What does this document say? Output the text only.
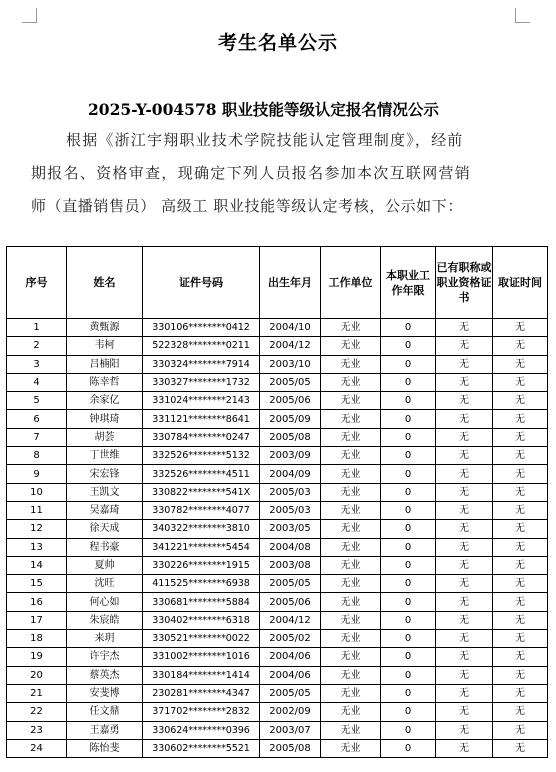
考生名单公示
2025-Y-004578 职业技能等级认定报名情况公示
根据《浙江宇翔职业技术学院技能认定管理制度》，经前
期报名、资格审查，现确定下列人员报名参加本次互联网营销
师（直播销售员） 高级工 职业技能等级认定考核，公示如下：
序号	姓名	证件号码	出生年月	工作单位	本职业工作年限	已有职称或职业资格证书	取证时间
1	黄甄源	330106********0412	2004/10	无业	0	无	无
2	韦柯	522328********0211	2004/12	无业	0	无	无
3	吕楠阳	330324********7914	2003/10	无业	0	无	无
4	陈幸哲	330327********1732	2005/05	无业	0	无	无
5	余家亿	331024********2143	2005/06	无业	0	无	无
6	钟琪琦	331121********8641	2005/09	无业	0	无	无
7	胡荟	330784********0247	2005/08	无业	0	无	无
8	丁世维	332526********5132	2003/09	无业	0	无	无
9	宋宏锋	332526********4511	2004/09	无业	0	无	无
10	王凯文	330822********541X	2005/03	无业	0	无	无
11	吴嘉琦	330782********4077	2005/03	无业	0	无	无
12	徐天成	340322********3810	2003/05	无业	0	无	无
13	程书豪	341221********5454	2004/08	无业	0	无	无
14	夏帅	330226********1915	2003/08	无业	0	无	无
15	沈旺	411525********6938	2005/05	无业	0	无	无
16	何心如	330681********5884	2005/06	无业	0	无	无
17	朱宸皓	330402********6318	2004/12	无业	0	无	无
18	来玥	330521********0022	2005/02	无业	0	无	无
19	许宇杰	331002********1016	2004/06	无业	0	无	无
20	蔡英杰	330184********1414	2004/06	无业	0	无	无
21	安斐博	230281********4347	2005/05	无业	0	无	无
22	任文鼎	371702********2832	2002/09	无业	0	无	无
23	王嘉勇	330624********0396	2003/07	无业	0	无	无
24	陈怡斐	330602********5521	2005/08	无业	0	无	无
